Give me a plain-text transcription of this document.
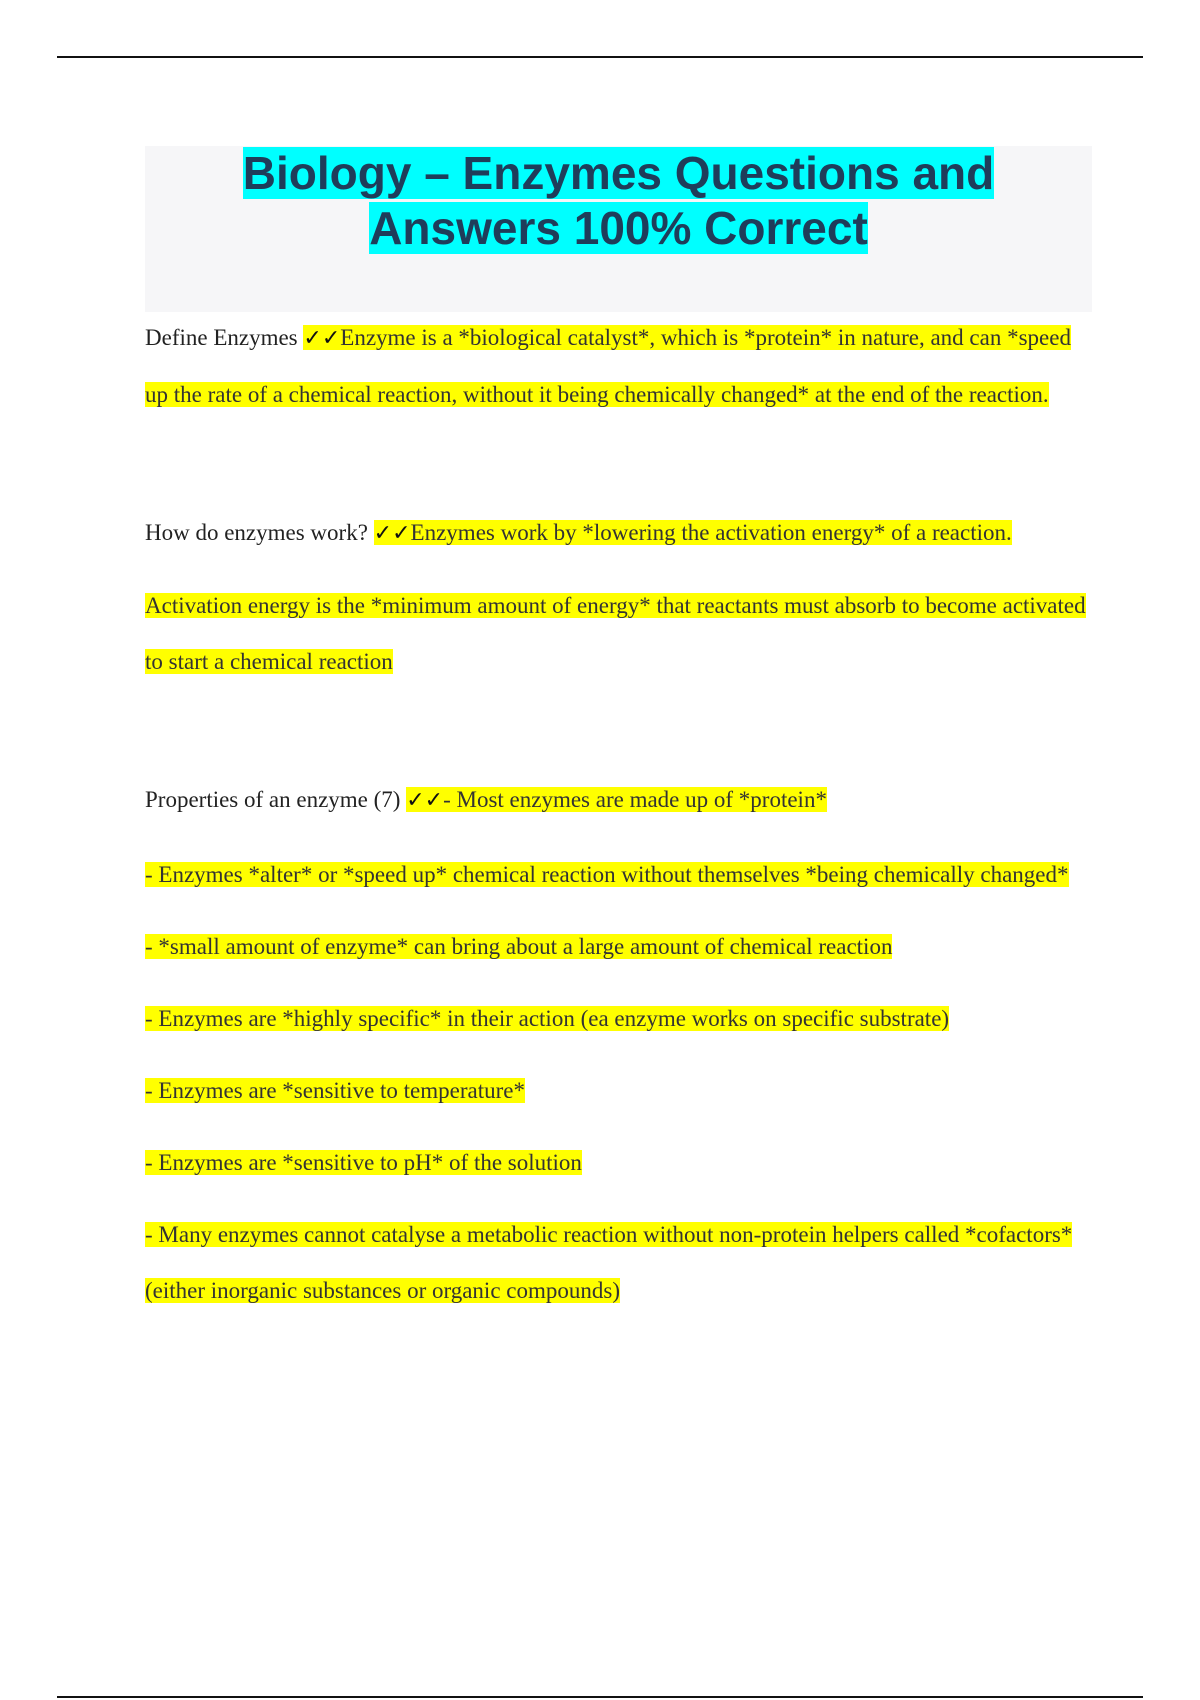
Biology – Enzymes Questions and
Answers 100% Correct

Define Enzymes ✓✓Enzyme is a *biological catalyst*, which is *protein* in nature, and can *speed up the rate of a chemical reaction, without it being chemically changed* at the end of the reaction.

How do enzymes work? ✓✓Enzymes work by *lowering the activation energy* of a reaction.

Activation energy is the *minimum amount of energy* that reactants must absorb to become activated to start a chemical reaction

Properties of an enzyme (7) ✓✓- Most enzymes are made up of *protein*

- Enzymes *alter* or *speed up* chemical reaction without themselves *being chemically changed*

- *small amount of enzyme* can bring about a large amount of chemical reaction

- Enzymes are *highly specific* in their action (ea enzyme works on specific substrate)

- Enzymes are *sensitive to temperature*

- Enzymes are *sensitive to pH* of the solution

- Many enzymes cannot catalyse a metabolic reaction without non-protein helpers called *cofactors* (either inorganic substances or organic compounds)
